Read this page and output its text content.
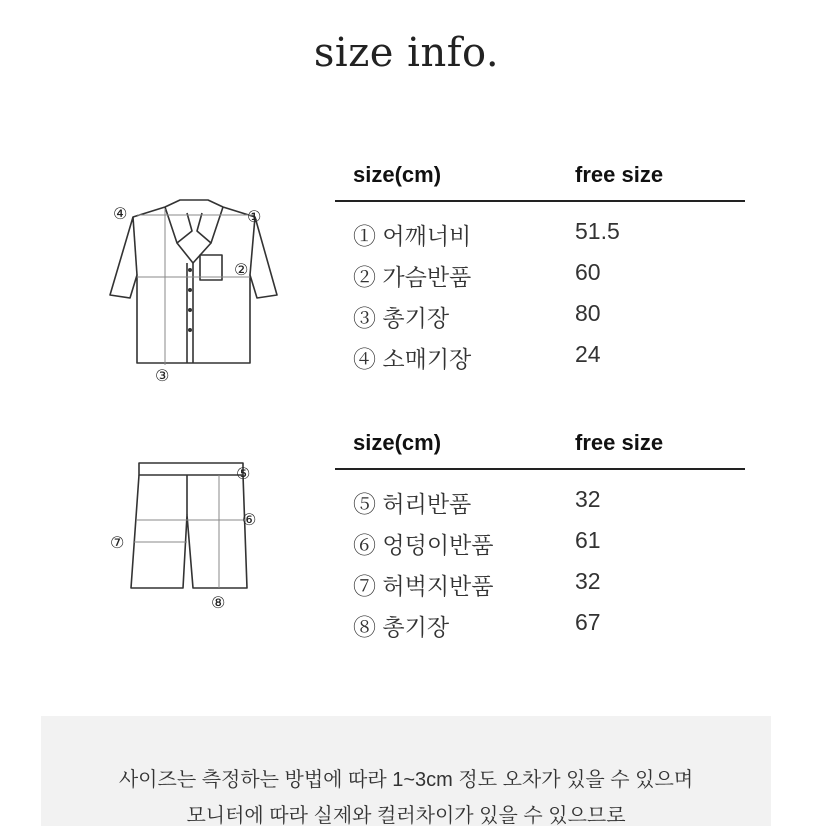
size info.
①
②
③
④
⑤
⑥
⑦
⑧
size(cm)	free size
① 어깨너비	51.5
② 가슴반품	60
③ 총기장	80
④ 소매기장	24
size(cm)	free size
⑤ 허리반품	32
⑥ 엉덩이반품	61
⑦ 허벅지반품	32
⑧ 총기장	67

사이즈는 측정하는 방법에 따라 1~3cm 정도 오차가 있을 수 있으며

모니터에 따라 실제와 컬러차이가 있을 수 있으므로
